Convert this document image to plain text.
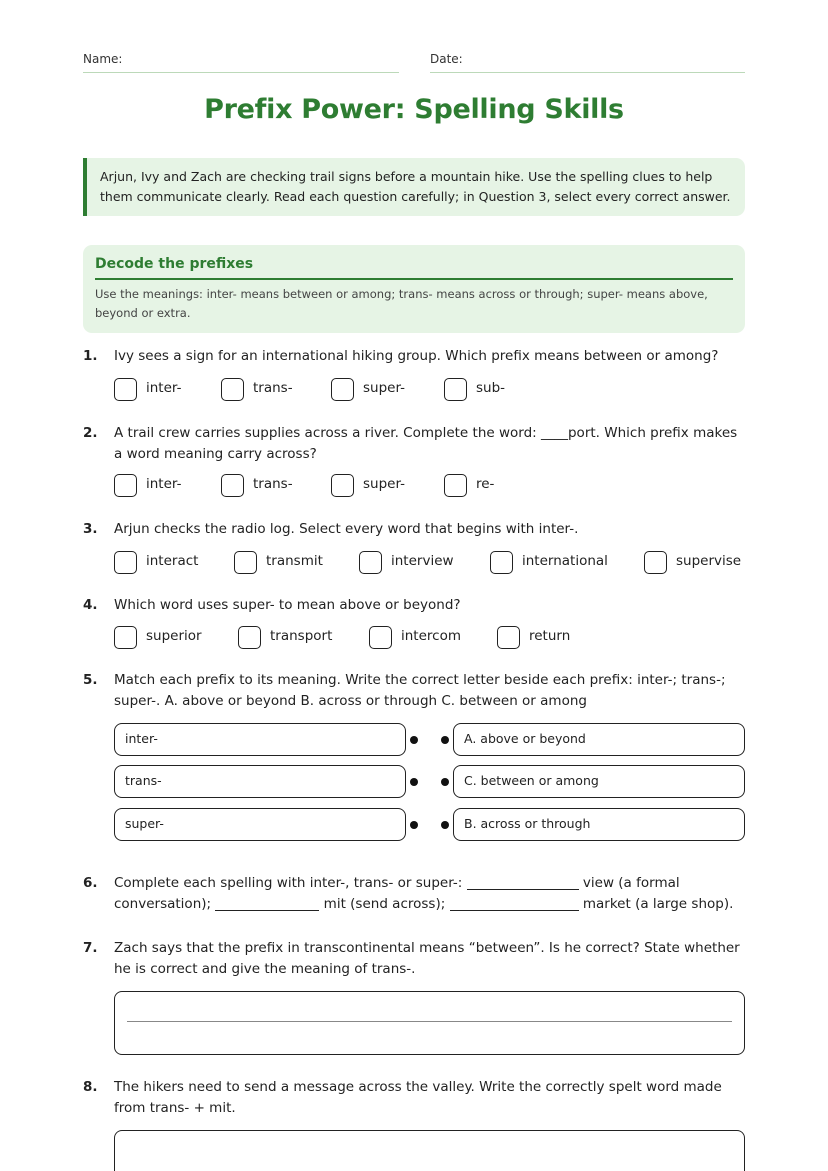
Name:	Date:
Prefix Power: Spelling Skills
Arjun, Ivy and Zach are checking trail signs before a mountain hike. Use the spelling clues to help them communicate clearly. Read each question carefully; in Question 3, select every correct answer.
Decode the prefixes
Use the meanings: inter- means between or among; trans- means across or through; super- means above, beyond or extra.
1. Ivy sees a sign for an international hiking group. Which prefix means between or among?
inter-	trans-	super-	sub-
2. A trail crew carries supplies across a river. Complete the word: ____port. Which prefix makes a word meaning carry across?
inter-	trans-	super-	re-
3. Arjun checks the radio log. Select every word that begins with inter-.
interact	transmit	interview	international	supervise
4. Which word uses super- to mean above or beyond?
superior	transport	intercom	return
5. Match each prefix to its meaning. Write the correct letter beside each prefix: inter-; trans-; super-. A. above or beyond B. across or through C. between or among
inter-	A. above or beyond
trans-	C. between or among
super-	B. across or through
6. Complete each spelling with inter-, trans- or super-:	view (a formal conversation);	mit (send across);	market (a large shop).
7. Zach says that the prefix in transcontinental means “between”. Is he correct? State whether he is correct and give the meaning of trans-.
8. The hikers need to send a message across the valley. Write the correctly spelt word made from trans- + mit.
